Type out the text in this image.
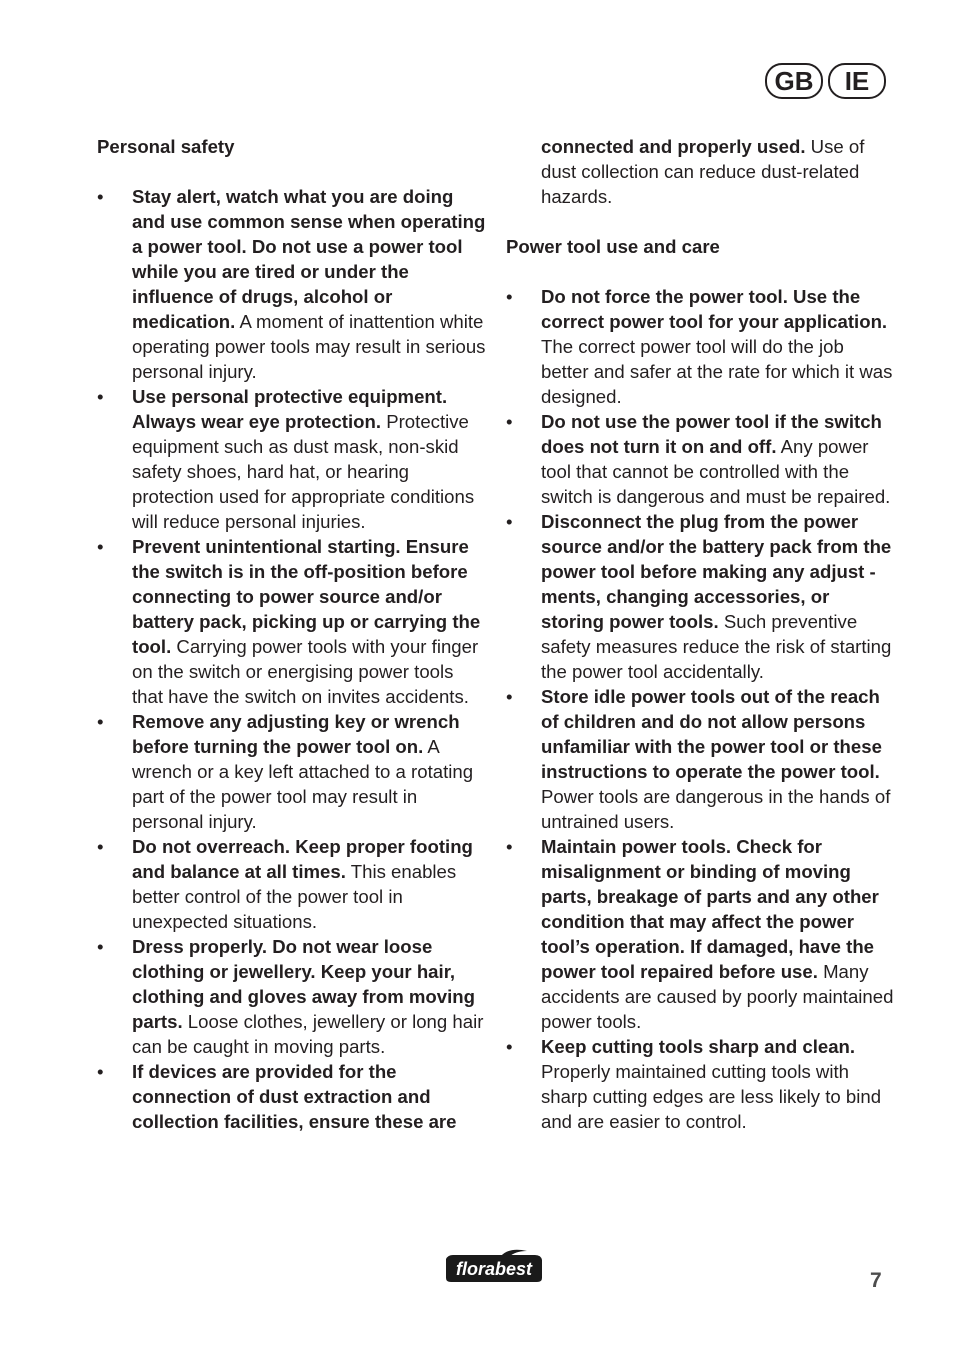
GB	IE
Personal safety
• Stay alert, watch what you are doing and use common sense when operating a power tool. Do not use a power tool while you are tired or under the influence of drugs, alcohol or medication. A moment of inattention white operating power tools may result in serious personal injury.
• Use personal protective equipment. Always wear eye protection. Protective equipment such as dust mask, non-skid safety shoes, hard hat, or hearing protection used for appropriate conditions will reduce personal injuries.
• Prevent unintentional starting. Ensure the switch is in the off-position before connecting to power source and/or battery pack, picking up or carrying the tool. Carrying power tools with your finger on the switch or energising power tools that have the switch on invites accidents.
• Remove any adjusting key or wrench before turning the power tool on. A wrench or a key left attached to a rotating part of the power tool may result in personal injury.
• Do not overreach. Keep proper footing and balance at all times. This enables better control of the power tool in unexpected situations.
• Dress properly. Do not wear loose clothing or jewellery. Keep your hair, clothing and gloves away from moving parts. Loose clothes, jewellery or long hair can be caught in moving parts.
• If devices are provided for the connection of dust extraction and collection facilities, ensure these are
connected and properly used. Use of dust collection can reduce dust-related hazards.
Power tool use and care
• Do not force the power tool. Use the correct power tool for your application. The correct power tool will do the job better and safer at the rate for which it was designed.
• Do not use the power tool if the switch does not turn it on and off. Any power tool that cannot be controlled with the switch is dangerous and must be repaired.
• Disconnect the plug from the power source and/or the battery pack from the power tool before making any adjust -ments, changing accessories, or storing power tools. Such preventive safety measures reduce the risk of starting the power tool accidentally.
• Store idle power tools out of the reach of children and do not allow persons unfamiliar with the power tool or these instructions to operate the power tool. Power tools are dangerous in the hands of untrained users.
• Maintain power tools. Check for misalignment or binding of moving parts, breakage of parts and any other condition that may affect the power tool’s operation. If damaged, have the power tool repaired before use. Many accidents are caused by poorly maintained power tools.
• Keep cutting tools sharp and clean. Properly maintained cutting tools with sharp cutting edges are less likely to bind and are easier to control.
florabest	7
